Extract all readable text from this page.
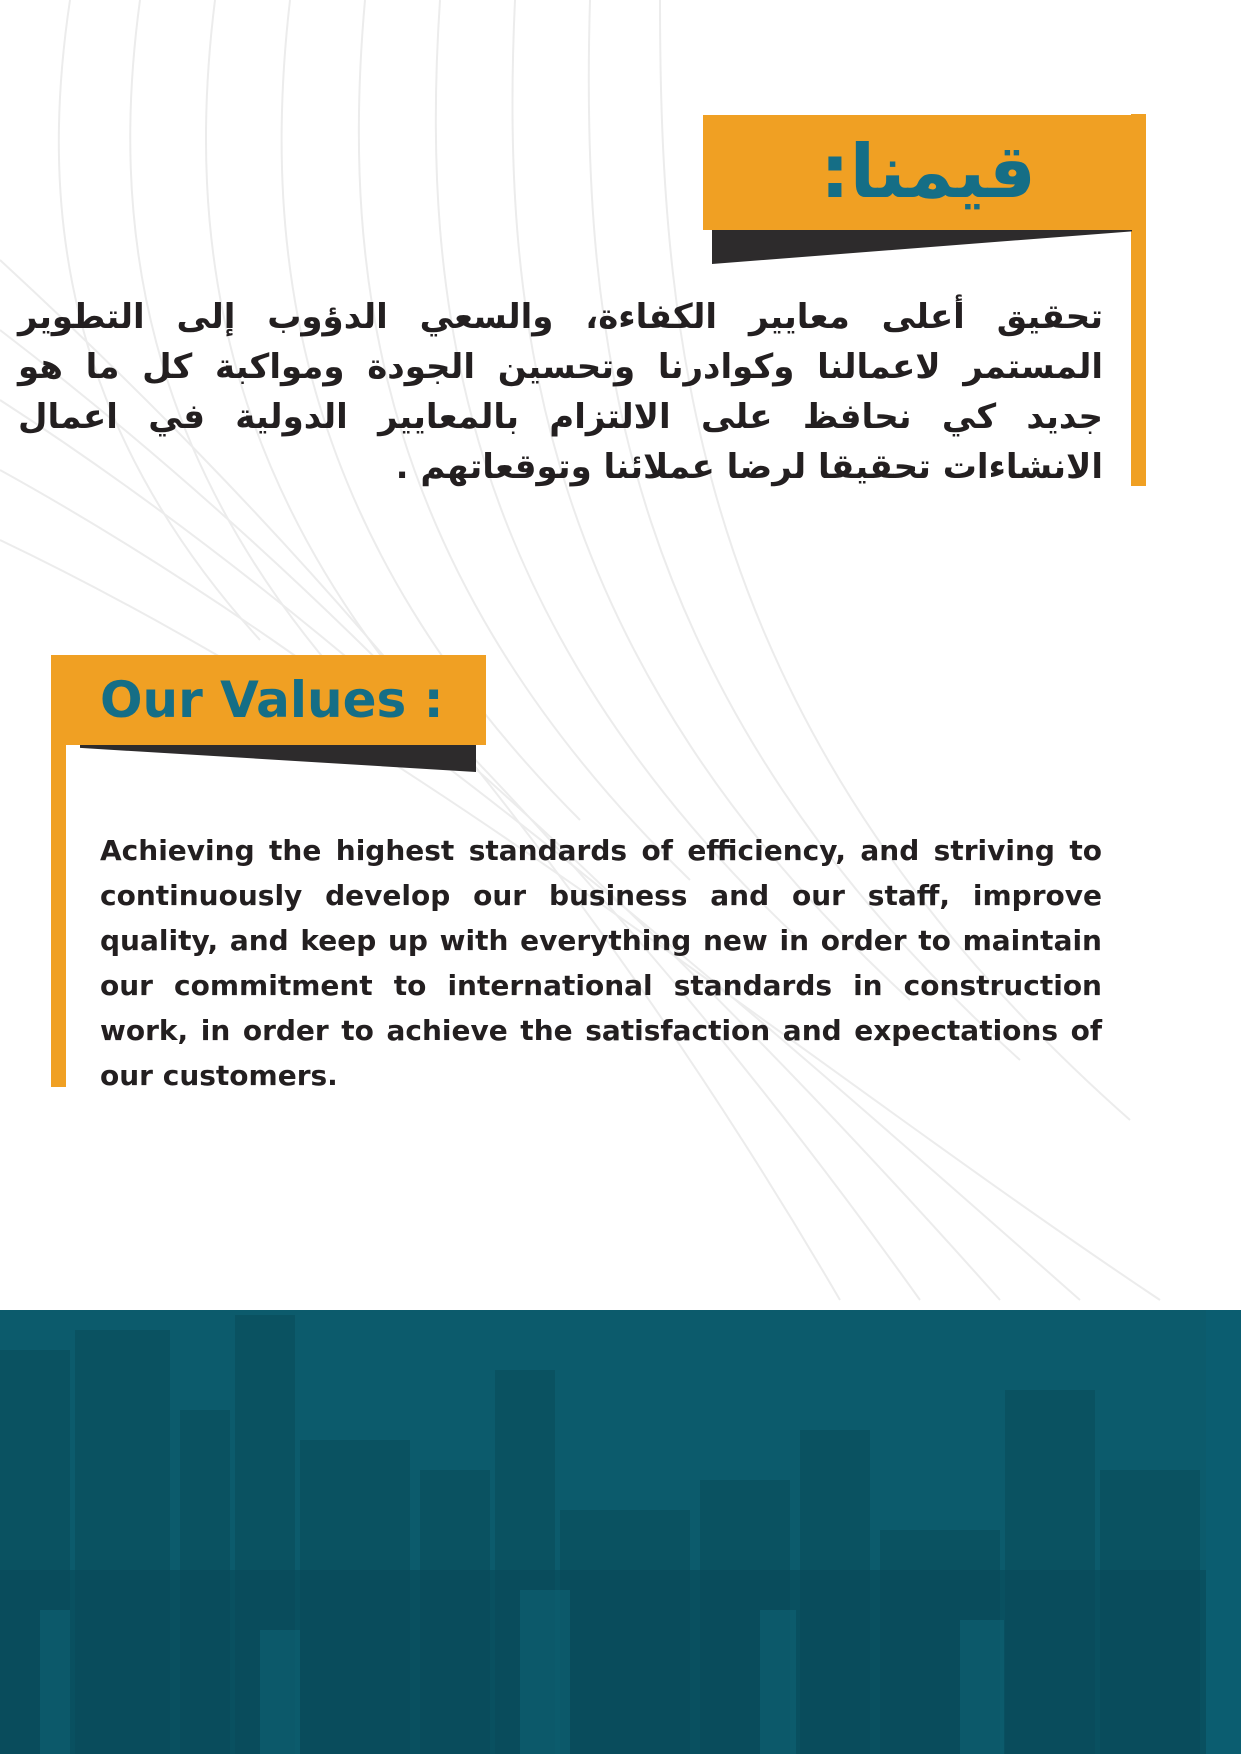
قيمنا:

تحقيق أعلى معايير الكفاءة، والسعي الدؤوب إلى التطوير المستمر لاعمالنا وكوادرنا وتحسين الجودة ومواكبة كل ما هو جديد كي نحافظ على الالتزام بالمعايير الدولية في اعمال الانشاءات تحقيقا لرضا عملائنا وتوقعاتهم .

Our Values :

Achieving the highest standards of efficiency, and striving to continuously develop our business and our staff, improve quality, and keep up with everything new in order to maintain our commitment to international standards in construction work, in order to achieve the satisfaction and expectations of our customers.
